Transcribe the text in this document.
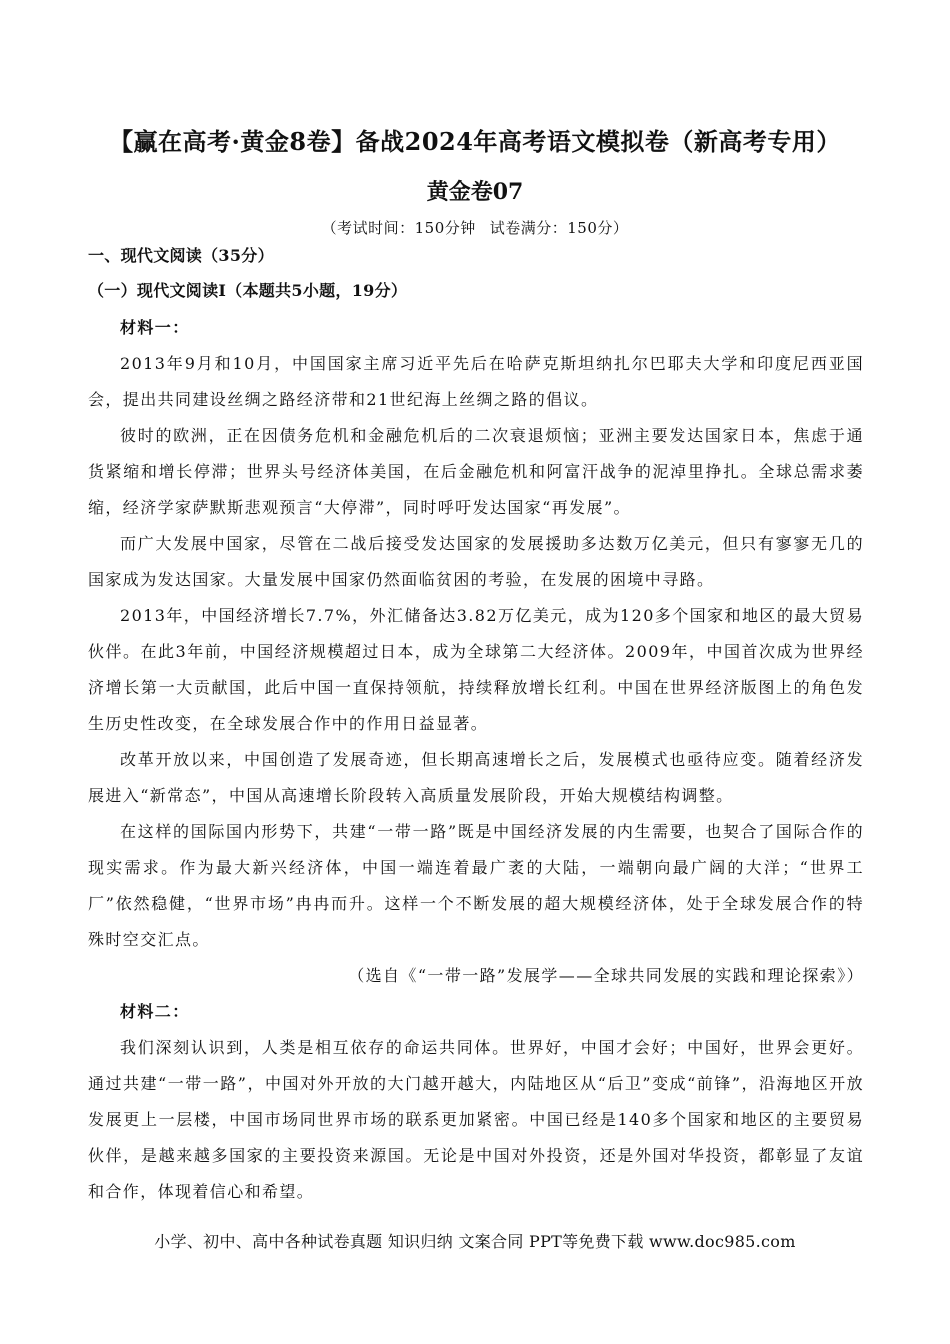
【赢在高考·黄金8卷】备战2024年高考语文模拟卷（新高考专用）
黄金卷07
（考试时间：150分钟 试卷满分：150分）
一、现代文阅读（35分）
（一）现代文阅读Ⅰ（本题共5小题，19分）

材料一：

2013年9月和10月，中国国家主席习近平先后在哈萨克斯坦纳扎尔巴耶夫大学和印度尼西亚国会，提出共同建设丝绸之路经济带和21世纪海上丝绸之路的倡议。

彼时的欧洲，正在因债务危机和金融危机后的二次衰退烦恼；亚洲主要发达国家日本，焦虑于通货紧缩和增长停滞；世界头号经济体美国，在后金融危机和阿富汗战争的泥淖里挣扎。全球总需求萎缩，经济学家萨默斯悲观预言“大停滞”，同时呼吁发达国家“再发展”。

而广大发展中国家，尽管在二战后接受发达国家的发展援助多达数万亿美元，但只有寥寥无几的国家成为发达国家。大量发展中国家仍然面临贫困的考验，在发展的困境中寻路。

2013年，中国经济增长7.7%，外汇储备达3.82万亿美元，成为120多个国家和地区的最大贸易伙伴。在此3年前，中国经济规模超过日本，成为全球第二大经济体。2009年，中国首次成为世界经济增长第一大贡献国，此后中国一直保持领航，持续释放增长红利。中国在世界经济版图上的角色发生历史性改变，在全球发展合作中的作用日益显著。

改革开放以来，中国创造了发展奇迹，但长期高速增长之后，发展模式也亟待应变。随着经济发展进入“新常态”，中国从高速增长阶段转入高质量发展阶段，开始大规模结构调整。

在这样的国际国内形势下，共建“一带一路”既是中国经济发展的内生需要，也契合了国际合作的现实需求。作为最大新兴经济体，中国一端连着最广袤的大陆，一端朝向最广阔的大洋；“世界工厂”依然稳健，“世界市场”冉冉而升。这样一个不断发展的超大规模经济体，处于全球发展合作的特殊时空交汇点。

（选自《“一带一路”发展学——全球共同发展的实践和理论探索》）

材料二：

我们深刻认识到，人类是相互依存的命运共同体。世界好，中国才会好；中国好，世界会更好。通过共建“一带一路”，中国对外开放的大门越开越大，内陆地区从“后卫”变成“前锋”，沿海地区开放发展更上一层楼，中国市场同世界市场的联系更加紧密。中国已经是140多个国家和地区的主要贸易伙伴，是越来越多国家的主要投资来源国。无论是中国对外投资，还是外国对华投资，都彰显了友谊和合作，体现着信心和希望。

小学、初中、高中各种试卷真题 知识归纳 文案合同 PPT等免费下载 www.doc985.com
